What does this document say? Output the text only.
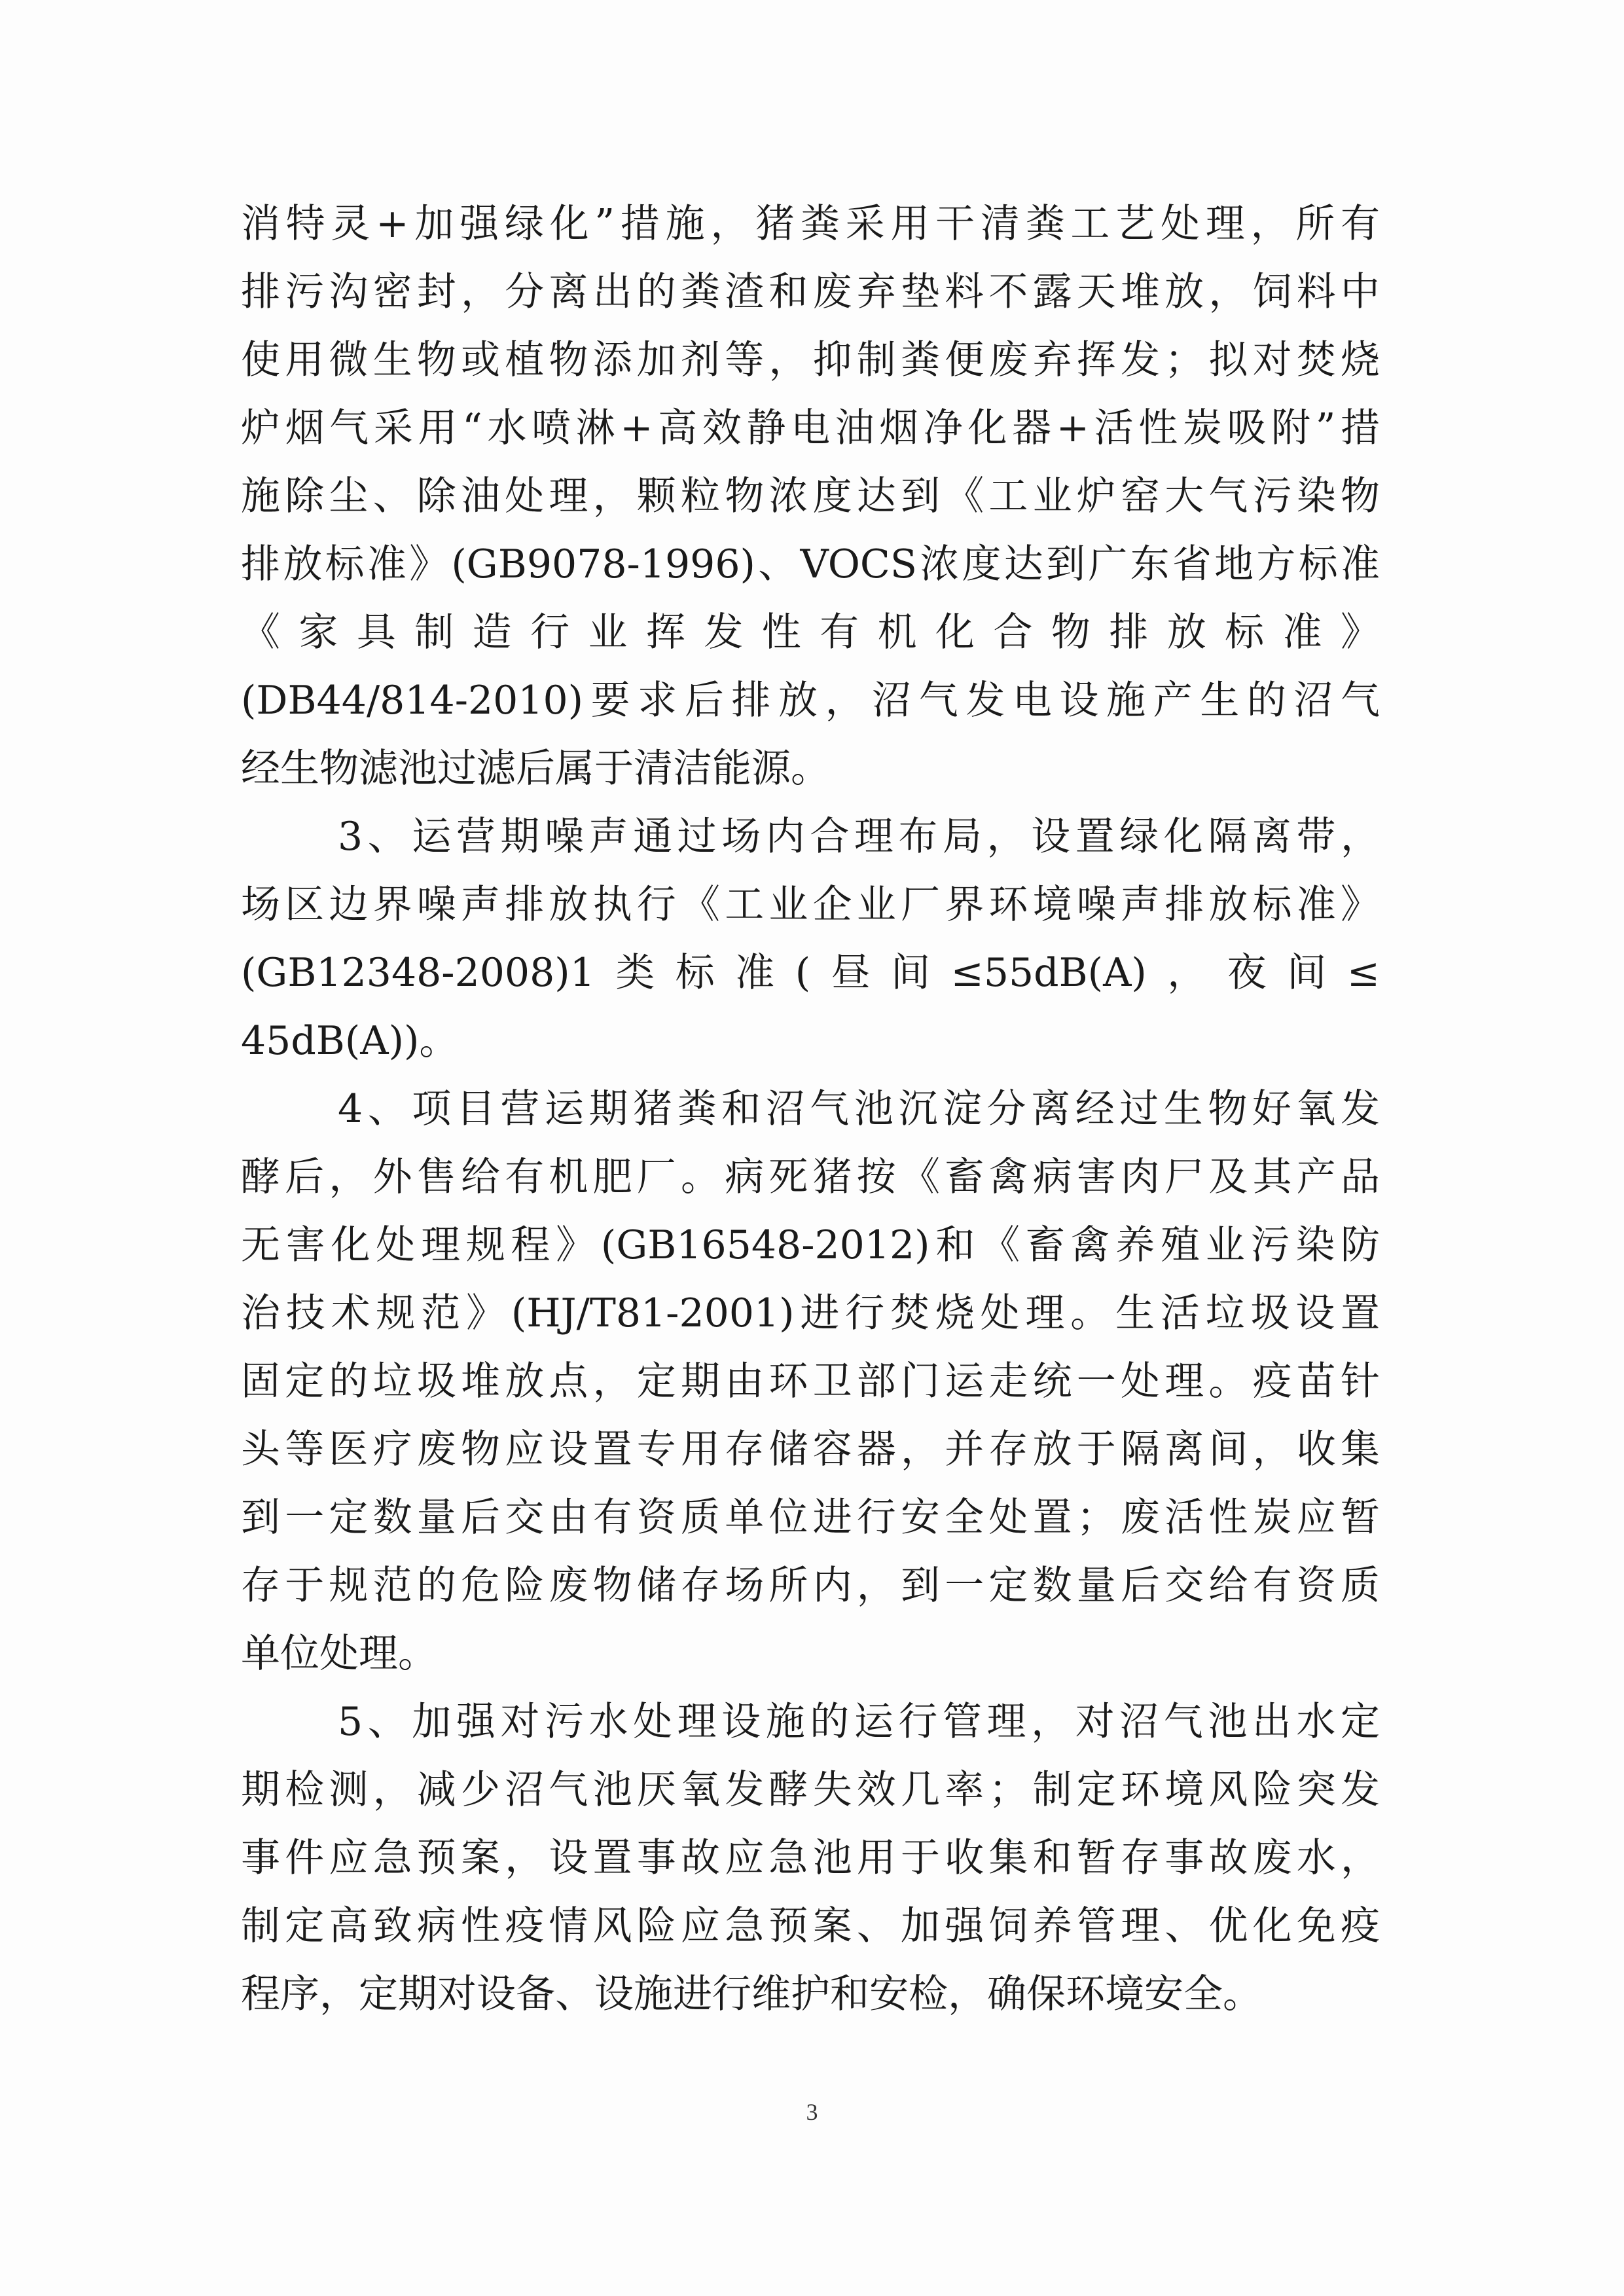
消特灵+加强绿化”措施，猪粪采用干清粪工艺处理，所有
排污沟密封，分离出的粪渣和废弃垫料不露天堆放，饲料中
使用微生物或植物添加剂等，抑制粪便废弃挥发；拟对焚烧
炉烟气采用“水喷淋+高效静电油烟净化器+活性炭吸附”措
施除尘、除油处理，颗粒物浓度达到《工业炉窑大气污染物
排放标准》(GB9078-1996)、VOCS浓度达到广东省地方标准
《家具制造行业挥发性有机化合物排放标准》
(DB44/814-2010)要求后排放，沼气发电设施产生的沼气
经生物滤池过滤后属于清洁能源。
3、运营期噪声通过场内合理布局，设置绿化隔离带，
场区边界噪声排放执行《工业企业厂界环境噪声排放标准》
(GB12348-2008)1类标准(昼间≤55dB(A)，夜间≤
45dB(A))。
4、项目营运期猪粪和沼气池沉淀分离经过生物好氧发
酵后，外售给有机肥厂。病死猪按《畜禽病害肉尸及其产品
无害化处理规程》(GB16548-2012)和《畜禽养殖业污染防
治技术规范》(HJ/T81-2001)进行焚烧处理。生活垃圾设置
固定的垃圾堆放点，定期由环卫部门运走统一处理。疫苗针
头等医疗废物应设置专用存储容器，并存放于隔离间，收集
到一定数量后交由有资质单位进行安全处置；废活性炭应暂
存于规范的危险废物储存场所内，到一定数量后交给有资质
单位处理。
5、加强对污水处理设施的运行管理，对沼气池出水定
期检测，减少沼气池厌氧发酵失效几率；制定环境风险突发
事件应急预案，设置事故应急池用于收集和暂存事故废水，
制定高致病性疫情风险应急预案、加强饲养管理、优化免疫
程序，定期对设备、设施进行维护和安检，确保环境安全。
3
